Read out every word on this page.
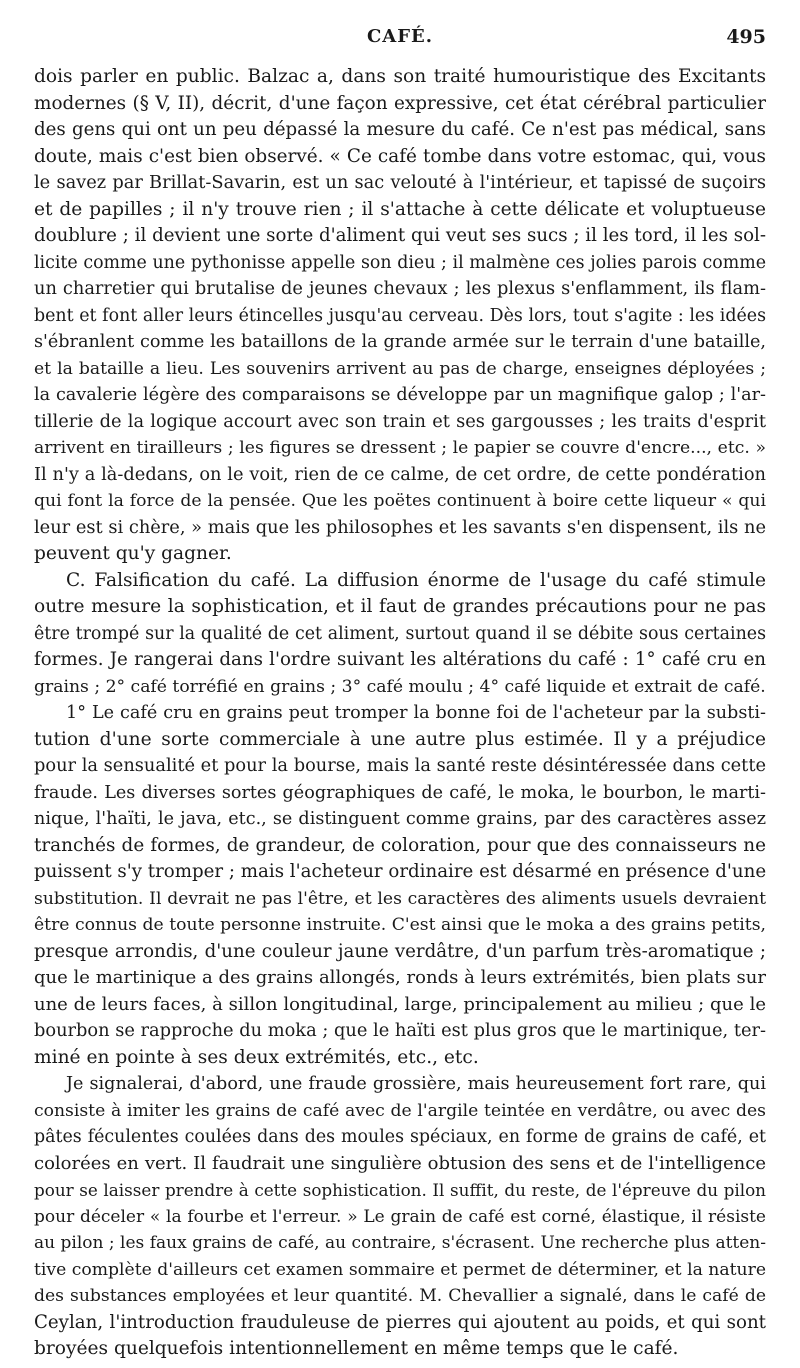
CAFÉ.	495
dois parler en public. Balzac a, dans son traité humouristique des Excitants
modernes (§ V, II), décrit, d'une façon expressive, cet état cérébral particulier
des gens qui ont un peu dépassé la mesure du café. Ce n'est pas médical, sans
doute, mais c'est bien observé. « Ce café tombe dans votre estomac, qui, vous
le savez par Brillat-Savarin, est un sac velouté à l'intérieur, et tapissé de suçoirs
et de papilles ; il n'y trouve rien ; il s'attache à cette délicate et voluptueuse
doublure ; il devient une sorte d'aliment qui veut ses sucs ; il les tord, il les sol-
licite comme une pythonisse appelle son dieu ; il malmène ces jolies parois comme
un charretier qui brutalise de jeunes chevaux ; les plexus s'enflamment, ils flam-
bent et font aller leurs étincelles jusqu'au cerveau. Dès lors, tout s'agite : les idées
s'ébranlent comme les bataillons de la grande armée sur le terrain d'une bataille,
et la bataille a lieu. Les souvenirs arrivent au pas de charge, enseignes déployées ;
la cavalerie légère des comparaisons se développe par un magnifique galop ; l'ar-
tillerie de la logique accourt avec son train et ses gargousses ; les traits d'esprit
arrivent en tirailleurs ; les figures se dressent ; le papier se couvre d'encre..., etc. »
Il n'y a là-dedans, on le voit, rien de ce calme, de cet ordre, de cette pondération
qui font la force de la pensée. Que les poëtes continuent à boire cette liqueur « qui
leur est si chère, » mais que les philosophes et les savants s'en dispensent, ils ne
peuvent qu'y gagner.
C. Falsification du café. La diffusion énorme de l'usage du café stimule
outre mesure la sophistication, et il faut de grandes précautions pour ne pas
être trompé sur la qualité de cet aliment, surtout quand il se débite sous certaines
formes. Je rangerai dans l'ordre suivant les altérations du café : 1° café cru en
grains ; 2° café torréfié en grains ; 3° café moulu ; 4° café liquide et extrait de café.
1° Le café cru en grains peut tromper la bonne foi de l'acheteur par la substi-
tution d'une sorte commerciale à une autre plus estimée. Il y a préjudice
pour la sensualité et pour la bourse, mais la santé reste désintéressée dans cette
fraude. Les diverses sortes géographiques de café, le moka, le bourbon, le marti-
nique, l'haïti, le java, etc., se distinguent comme grains, par des caractères assez
tranchés de formes, de grandeur, de coloration, pour que des connaisseurs ne
puissent s'y tromper ; mais l'acheteur ordinaire est désarmé en présence d'une
substitution. Il devrait ne pas l'être, et les caractères des aliments usuels devraient
être connus de toute personne instruite. C'est ainsi que le moka a des grains petits,
presque arrondis, d'une couleur jaune verdâtre, d'un parfum très-aromatique ;
que le martinique a des grains allongés, ronds à leurs extrémités, bien plats sur
une de leurs faces, à sillon longitudinal, large, principalement au milieu ; que le
bourbon se rapproche du moka ; que le haïti est plus gros que le martinique, ter-
miné en pointe à ses deux extrémités, etc., etc.
Je signalerai, d'abord, une fraude grossière, mais heureusement fort rare, qui
consiste à imiter les grains de café avec de l'argile teintée en verdâtre, ou avec des
pâtes féculentes coulées dans des moules spéciaux, en forme de grains de café, et
colorées en vert. Il faudrait une singulière obtusion des sens et de l'intelligence
pour se laisser prendre à cette sophistication. Il suffit, du reste, de l'épreuve du pilon
pour déceler « la fourbe et l'erreur. » Le grain de café est corné, élastique, il résiste
au pilon ; les faux grains de café, au contraire, s'écrasent. Une recherche plus atten-
tive complète d'ailleurs cet examen sommaire et permet de déterminer, et la nature
des substances employées et leur quantité. M. Chevallier a signalé, dans le café de
Ceylan, l'introduction frauduleuse de pierres qui ajoutent au poids, et qui sont
broyées quelquefois intentionnellement en même temps que le café.
